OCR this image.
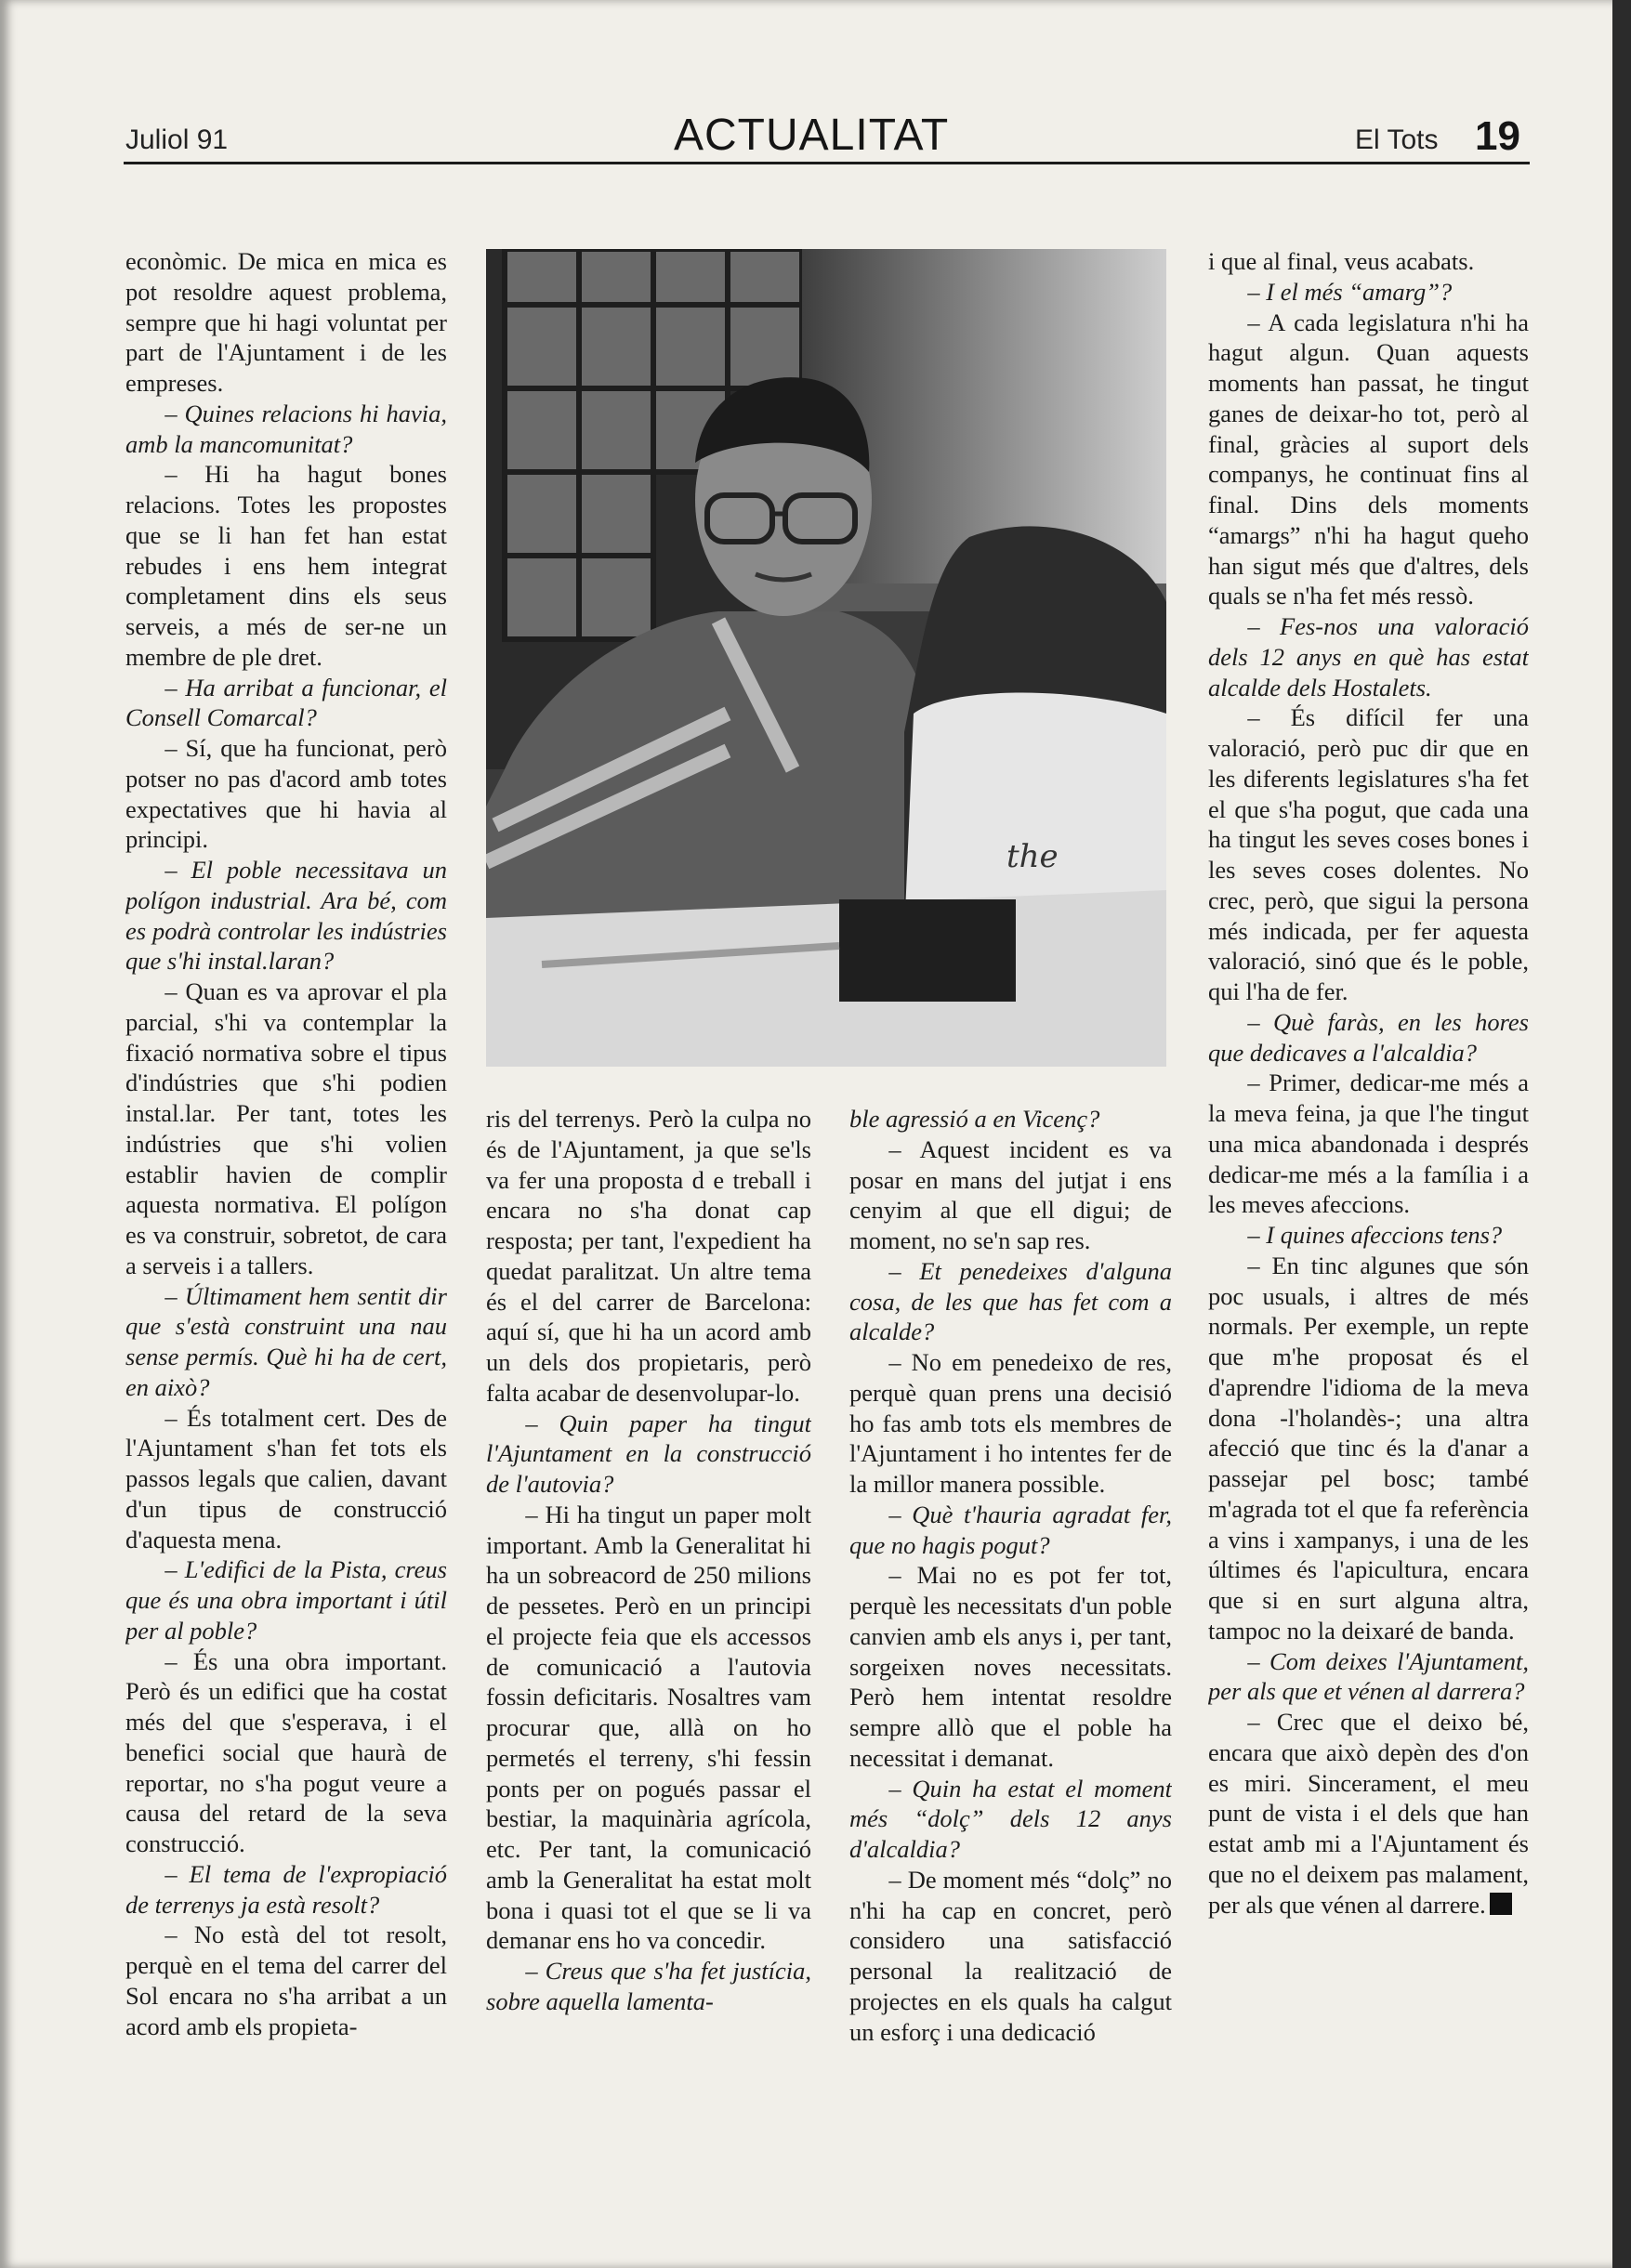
Juliol 91	ACTUALITAT	El Tots 19

econòmic. De mica en mica es pot resoldre aquest problema, sempre que hi hagi voluntat per part de l'Ajuntament i de les empreses.

– Quines relacions hi havia, amb la mancomunitat?

– Hi ha hagut bones relacions. Totes les propostes que se li han fet han estat rebudes i ens hem integrat completament dins els seus serveis, a més de ser-ne un membre de ple dret.

– Ha arribat a funcionar, el Consell Comarcal?

– Sí, que ha funcionat, però potser no pas d'acord amb totes expectatives que hi havia al principi.

– El poble necessitava un polígon industrial. Ara bé, com es podrà controlar les indústries que s'hi instal.laran?

– Quan es va aprovar el pla parcial, s'hi va contemplar la fixació normativa sobre el tipus d'indústries que s'hi podien instal.lar. Per tant, totes les indústries que s'hi volien establir havien de complir aquesta normativa. El polígon es va construir, sobretot, de cara a serveis i a tallers.

– Últimament hem sentit dir que s'està construint una nau sense permís. Què hi ha de cert, en això?

– És totalment cert. Des de l'Ajuntament s'han fet tots els passos legals que calien, davant d'un tipus de construcció d'aquesta mena.

– L'edifici de la Pista, creus que és una obra important i útil per al poble?

– És una obra important. Però és un edifici que ha costat més del que s'esperava, i el benefici social que haurà de reportar, no s'ha pogut veure a causa del retard de la seva construcció.

– El tema de l'expropiació de terrenys ja està resolt?

– No està del tot resolt, perquè en el tema del carrer del Sol encara no s'ha arribat a un acord amb els propieta-

the

ris del terrenys. Però la culpa no és de l'Ajuntament, ja que se'ls va fer una proposta d e treball i encara no s'ha donat cap resposta; per tant, l'expedient ha quedat paralitzat. Un altre tema és el del carrer de Barcelona: aquí sí, que hi ha un acord amb un dels dos propietaris, però falta acabar de desenvolupar-lo.

– Quin paper ha tingut l'Ajuntament en la construcció de l'autovia?

– Hi ha tingut un paper molt important. Amb la Generalitat hi ha un sobreacord de 250 milions de pessetes. Però en un principi el projecte feia que els accessos de comunicació a l'autovia fossin deficitaris. Nosaltres vam procurar que, allà on ho permetés el terreny, s'hi fessin ponts per on pogués passar el bestiar, la maquinària agrícola, etc. Per tant, la comunicació amb la Generalitat ha estat molt bona i quasi tot el que se li va demanar ens ho va concedir.

– Creus que s'ha fet justícia, sobre aquella lamenta-

ble agressió a en Vicenç?

– Aquest incident es va posar en mans del jutjat i ens cenyim al que ell digui; de moment, no se'n sap res.

– Et penedeixes d'alguna cosa, de les que has fet com a alcalde?

– No em penedeixo de res, perquè quan prens una decisió ho fas amb tots els membres de l'Ajuntament i ho intentes fer de la millor manera possible.

– Què t'hauria agradat fer, que no hagis pogut?

– Mai no es pot fer tot, perquè les necessitats d'un poble canvien amb els anys i, per tant, sorgeixen noves necessitats. Però hem intentat resoldre sempre allò que el poble ha necessitat i demanat.

– Quin ha estat el moment més “dolç” dels 12 anys d'alcaldia?

– De moment més “dolç” no n'hi ha cap en concret, però considero una satisfacció personal la realització de projectes en els quals ha calgut un esforç i una dedicació

i que al final, veus acabats.

– I el més “amarg”?

– A cada legislatura n'hi ha hagut algun. Quan aquests moments han passat, he tingut ganes de deixar-ho tot, però al final, gràcies al suport dels companys, he continuat fins al final. Dins dels moments “amargs” n'hi ha hagut queho han sigut més que d'altres, dels quals se n'ha fet més ressò.

– Fes-nos una valoració dels 12 anys en què has estat alcalde dels Hostalets.

– És difícil fer una valoració, però puc dir que en les diferents legislatures s'ha fet el que s'ha pogut, que cada una ha tingut les seves coses bones i les seves coses dolentes. No crec, però, que sigui la persona més indicada, per fer aquesta valoració, sinó que és le poble, qui l'ha de fer.

– Què faràs, en les hores que dedicaves a l'alcaldia?

– Primer, dedicar-me més a la meva feina, ja que l'he tingut una mica abandonada i després dedicar-me més a la família i a les meves afeccions.

– I quines afeccions tens?

– En tinc algunes que són poc usuals, i altres de més normals. Per exemple, un repte que m'he proposat és el d'aprendre l'idioma de la meva dona -l'holandès-; una altra afecció que tinc és la d'anar a passejar pel bosc; també m'agrada tot el que fa referència a vins i xampanys, i una de les últimes és l'apicultura, encara que si en surt alguna altra, tampoc no la deixaré de banda.

– Com deixes l'Ajuntament, per als que et vénen al darrera?

– Crec que el deixo bé, encara que això depèn des d'on es miri. Sincerament, el meu punt de vista i el dels que han estat amb mi a l'Ajuntament és que no el deixem pas malament, per als que vénen al darrere.
